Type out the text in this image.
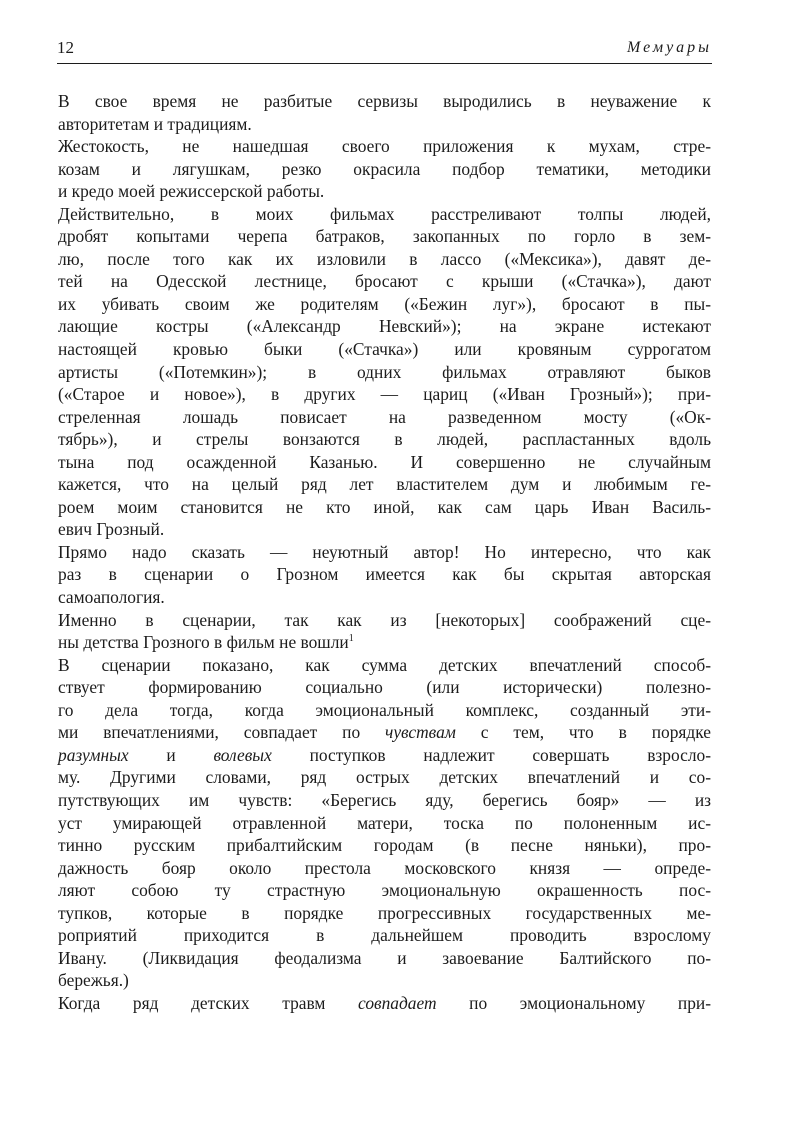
12	Мемуары
В свое время не разбитые сервизы выродились в неуважение к
авторитетам и традициям.
Жестокость, не нашедшая своего приложения к мухам, стре-
козам и лягушкам, резко окрасила подбор тематики, методики
и кредо моей режиссерской работы.
Действительно, в моих фильмах расстреливают толпы людей,
дробят копытами черепа батраков, закопанных по горло в зем-
лю, после того как их изловили в лассо («Мексика»), давят де-
тей на Одесской лестнице, бросают с крыши («Стачка»), дают
их убивать своим же родителям («Бежин луг»), бросают в пы-
лающие костры («Александр Невский»); на экране истекают
настоящей кровью быки («Стачка») или кровяным суррогатом
артисты («Потемкин»); в одних фильмах отравляют быков
(«Старое и новое»), в других — цариц («Иван Грозный»); при-
стреленная лошадь повисает на разведенном мосту («Ок-
тябрь»), и стрелы вонзаются в людей, распластанных вдоль
тына под осажденной Казанью. И совершенно не случайным
кажется, что на целый ряд лет властителем дум и любимым ге-
роем моим становится не кто иной, как сам царь Иван Василь-
евич Грозный.
Прямо надо сказать — неуютный автор! Но интересно, что как
раз в сценарии о Грозном имеется как бы скрытая авторская
самоапология.
Именно в сценарии, так как из [некоторых] соображений сце-
ны детства Грозного в фильм не вошли$^1$
В сценарии показано, как сумма детских впечатлений способ-
ствует формированию социально (или исторически) полезно-
го дела тогда, когда эмоциональный комплекс, созданный эти-
ми впечатлениями, совпадает по чувствам с тем, что в порядке
разумных и волевых поступков надлежит совершать взросло-
му. Другими словами, ряд острых детских впечатлений и со-
путствующих им чувств: «Берегись яду, берегись бояр» — из
уст умирающей отравленной матери, тоска по полоненным ис-
тинно русским прибалтийским городам (в песне няньки), про-
дажность бояр около престола московского князя — опреде-
ляют собою ту страстную эмоциональную окрашенность пос-
тупков, которые в порядке прогрессивных государственных ме-
роприятий приходится в дальнейшем проводить взрослому
Ивану. (Ликвидация феодализма и завоевание Балтийского по-
бережья.)
Когда ряд детских травм совпадает по эмоциональному при-
